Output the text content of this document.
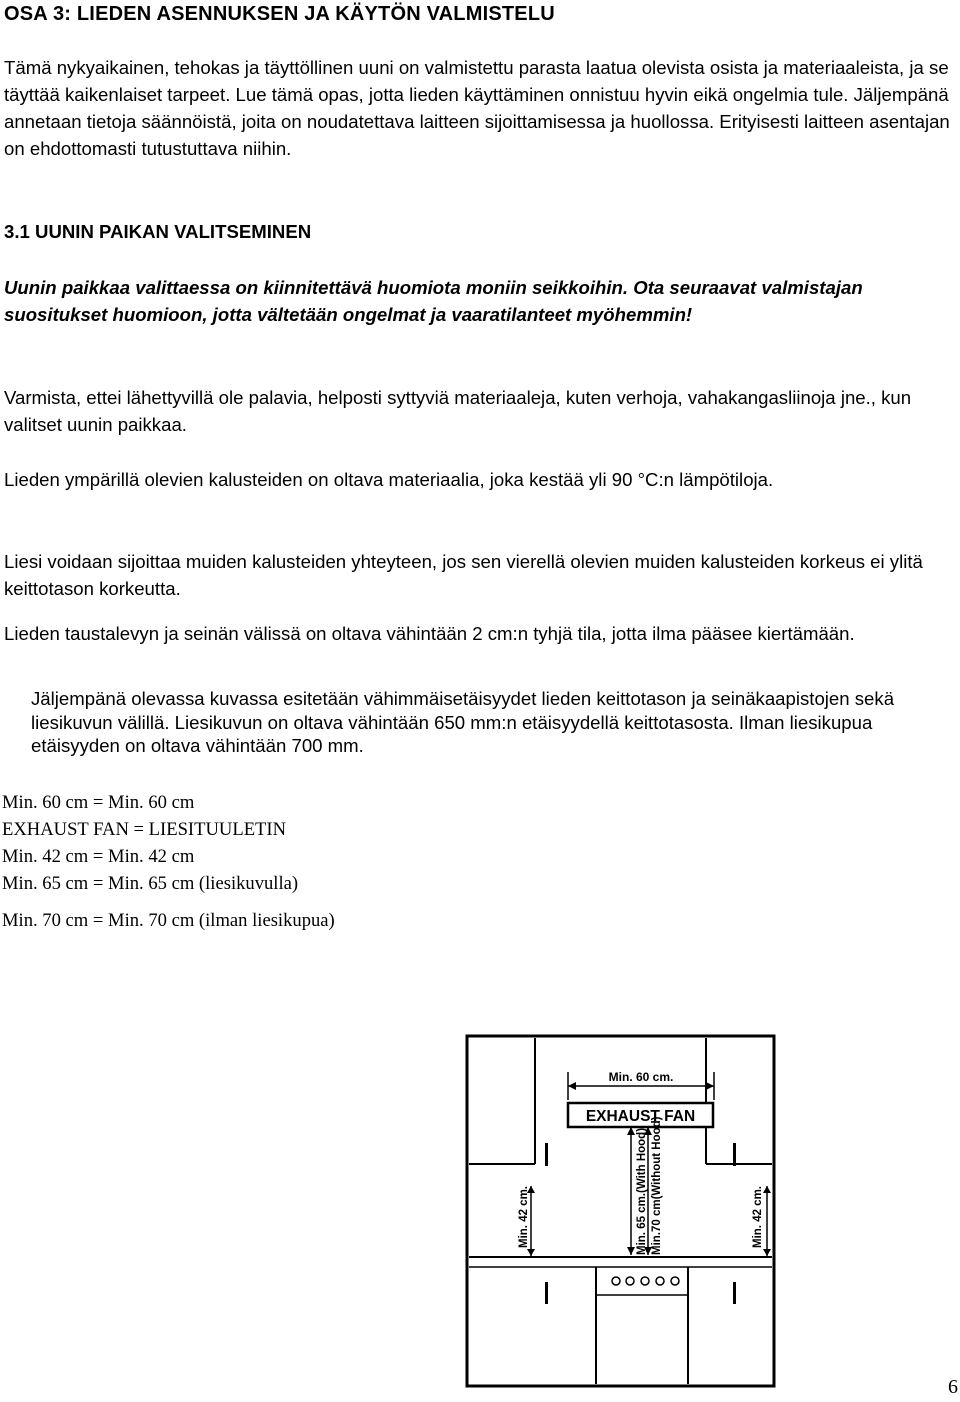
OSA 3: LIEDEN ASENNUKSEN JA KÄYTÖN VALMISTELU
Tämä nykyaikainen, tehokas ja täyttöllinen uuni on valmistettu parasta laatua olevista osista ja materiaaleista, ja se täyttää kaikenlaiset tarpeet. Lue tämä opas, jotta lieden käyttäminen onnistuu hyvin eikä ongelmia tule. Jäljempänä annetaan tietoja säännöistä, joita on noudatettava laitteen sijoittamisessa ja huollossa. Erityisesti laitteen asentajan on ehdottomasti tutustuttava niihin.
3.1 UUNIN PAIKAN VALITSEMINEN
Uunin paikkaa valittaessa on kiinnitettävä huomiota moniin seikkoihin. Ota seuraavat valmistajan suositukset huomioon, jotta vältetään ongelmat ja vaaratilanteet myöhemmin!
Varmista, ettei lähettyvillä ole palavia, helposti syttyviä materiaaleja, kuten verhoja, vahakangasliinoja jne., kun valitset uunin paikkaa.
Lieden ympärillä olevien kalusteiden on oltava materiaalia, joka kestää yli 90 °C:n lämpötiloja.
Liesi voidaan sijoittaa muiden kalusteiden yhteyteen, jos sen vierellä olevien muiden kalusteiden korkeus ei ylitä keittotason korkeutta.
Lieden taustalevyn ja seinän välissä on oltava vähintään 2 cm:n tyhjä tila, jotta ilma pääsee kiertämään.
Jäljempänä olevassa kuvassa esitetään vähimmäisetäisyydet lieden keittotason ja seinäkaapistojen sekä liesikuvun välillä. Liesikuvun on oltava vähintään 650 mm:n etäisyydellä keittotasosta. Ilman liesikupua etäisyyden on oltava vähintään 700 mm.
Min. 60 cm = Min. 60 cm
EXHAUST FAN = LIESITUULETIN
Min. 42 cm = Min. 42 cm
Min. 65 cm = Min. 65 cm (liesikuvulla)
Min. 70 cm = Min. 70 cm (ilman liesikupua)
Min. 60 cm.
EXHAUST FAN
Min. 65 cm.(With Hood) Min.70 cm(Without Hood)
Min. 42 cm.	Min. 42 cm.
6
